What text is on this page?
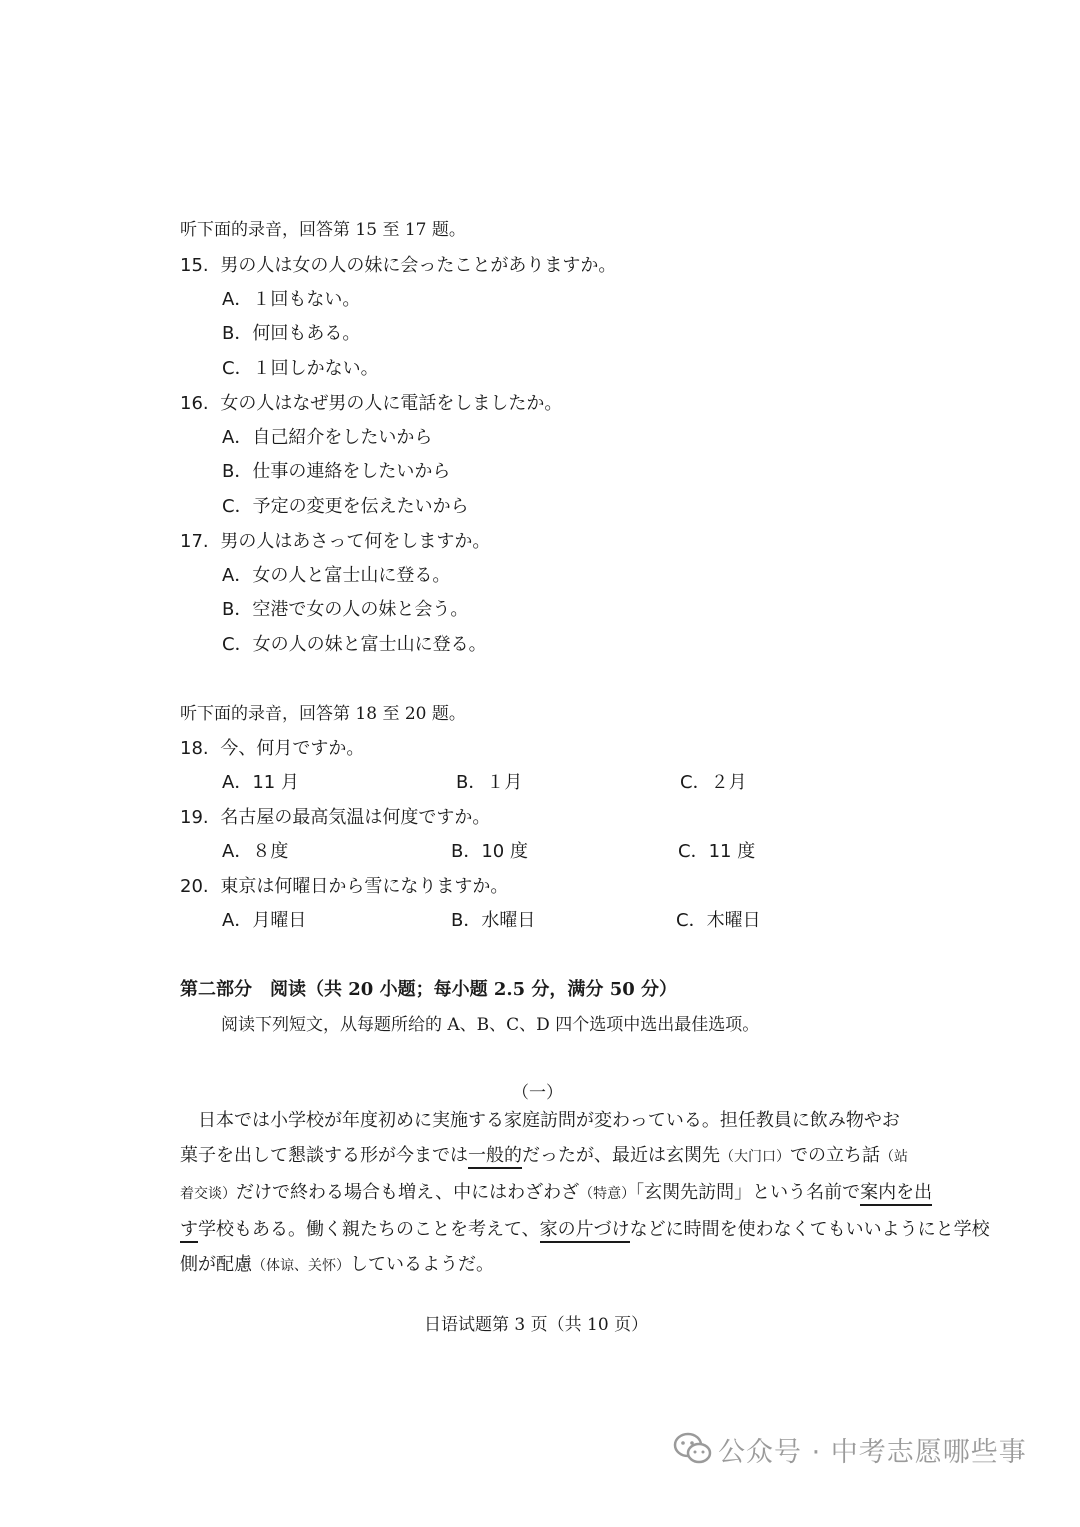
听下面的录音，回答第 15 至 17 题。
15. 男の人は女の人の妹に会ったことがありますか。
A．１回もない。
B．何回もある。
C．１回しかない。
16. 女の人はなぜ男の人に電話をしましたか。
A．自己紹介をしたいから
B．仕事の連絡をしたいから
C．予定の変更を伝えたいから
17. 男の人はあさって何をしますか。
A．女の人と富士山に登る。
B．空港で女の人の妹と会う。
C．女の人の妹と富士山に登る。
听下面的录音，回答第 18 至 20 题。
18. 今、何月ですか。
A．11 月	B．１月	C．２月
19. 名古屋の最高気温は何度ですか。
A．８度	B．10 度	C．11 度
20. 東京は何曜日から雪になりますか。
A．月曜日	B．水曜日	C．木曜日
第二部分　阅读（共 20 小题；每小题 2.5 分，满分 50 分）
阅读下列短文，从每题所给的 A、B、C、D 四个选项中选出最佳选项。
（一）
日本では小学校が年度初めに実施する家庭訪問が変わっている。担任教員に飲み物やお
菓子を出して懇談する形が今までは一般的だったが、最近は玄関先（大门口）での立ち話（站
着交谈）だけで終わる場合も増え、中にはわざわざ（特意）「玄関先訪問」という名前で案内を出
す学校もある。働く親たちのことを考えて、家の片づけなどに時間を使わなくてもいいようにと学校
側が配慮（体谅、关怀）しているようだ。
日语试题第 3 页（共 10 页）
公众号 · 中考志愿哪些事
